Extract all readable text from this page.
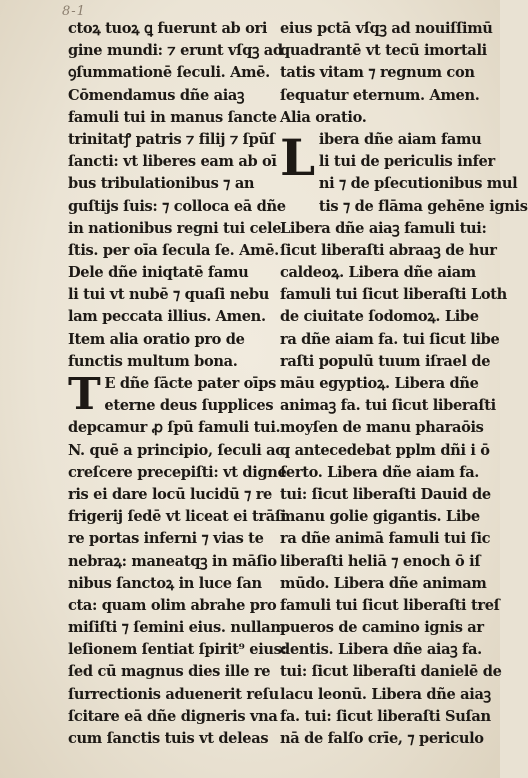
8-1
ctoꝝ tuoꝝ ꝗ fuerunt ab ori
gine mundi: ⁊ erunt vſqꝫ ad
ꝯſummationē ſeculi. Amē.
Cōmendamus dñe aiaꝫ
famuli tui in manus ſancte
trinitatꝭ patris ⁊ filij ⁊ ſpūſ
ſancti: vt liberes eam ab oī
bus tribulationibus ⁊ an
guſtijs ſuis: ⁊ colloca eā dñe
in nationibus regni tui cele
ſtis. per oīa ſecula ſe. Amē.
Dele dñe iniqtatē famu
li tui vt nubē ⁊ quaſi nebu
lam peccata illius. Amen.
Item alia oratio pro de
functis multum bona.
T E dñe ſācte pater oīps
eterne deus ſupplices
depcamur ꝓ ſpū famuli tui.
N. quē a principio, ſeculi ac
creſcere precepiſti: vt digne
ris ei dare locū lucidū ⁊ re
frigerij ſedē vt liceat ei trāſi
re portas inferni ⁊ vias te
nebraꝝ: maneatqꝫ in māſio
nibus ſanctoꝝ in luce ſan
cta: quam olim abrahe pro
miſiſti ⁊ ſemini eius. nullam
leſionem ſentiat ſpirit⁹ eius:
ſed cū magnus dies ille re
ſurrectionis aduenerit reſu
ſcitare eā dñe digneris vna
cum ſanctis tuis vt deleas
eius pctā vſqꝫ ad nouiſſimū
quadrantē vt tecū imortali
tatis vitam ⁊ regnum con
ſequatur eternum. Amen.
Alia oratio.
L ibera dñe aiam famu
li tui de periculis infer
ni ⁊ de pſecutionibus mul
tis ⁊ de flāma gehēne ignis
Libera dñe aiaꝫ famuli tui:
ſicut liberaſti abraaꝫ de hur
caldeoꝝ. Libera dñe aiam
famuli tui ſicut liberaſti Loth
de ciuitate ſodomoꝝ. Libe
ra dñe aiam fa. tui ſicut libe
raſti populū tuum iſrael de
māu egyptioꝝ. Libera dñe
animaꝫ fa. tui ſicut liberaſti
moyſen de manu pharaōis
q antecedebat pplm dñi i ō
ſerto. Libera dñe aiam fa.
tui: ſicut liberaſti Dauid de
manu golie gigantis. Libe
ra dñe animā famuli tui ſic
liberaſti heliā ⁊ enoch ō iſ
mūdo. Libera dñe animam
famuli tui ſicut liberaſti treſ
pueros de camino ignis ar
dentis. Libera dñe aiaꝫ fa.
tui: ſicut liberaſti danielē de
lacu leonū. Libera dñe aiaꝫ
fa. tui: ſicut liberaſti Suſan
nā de falſo crīe, ⁊ periculo
